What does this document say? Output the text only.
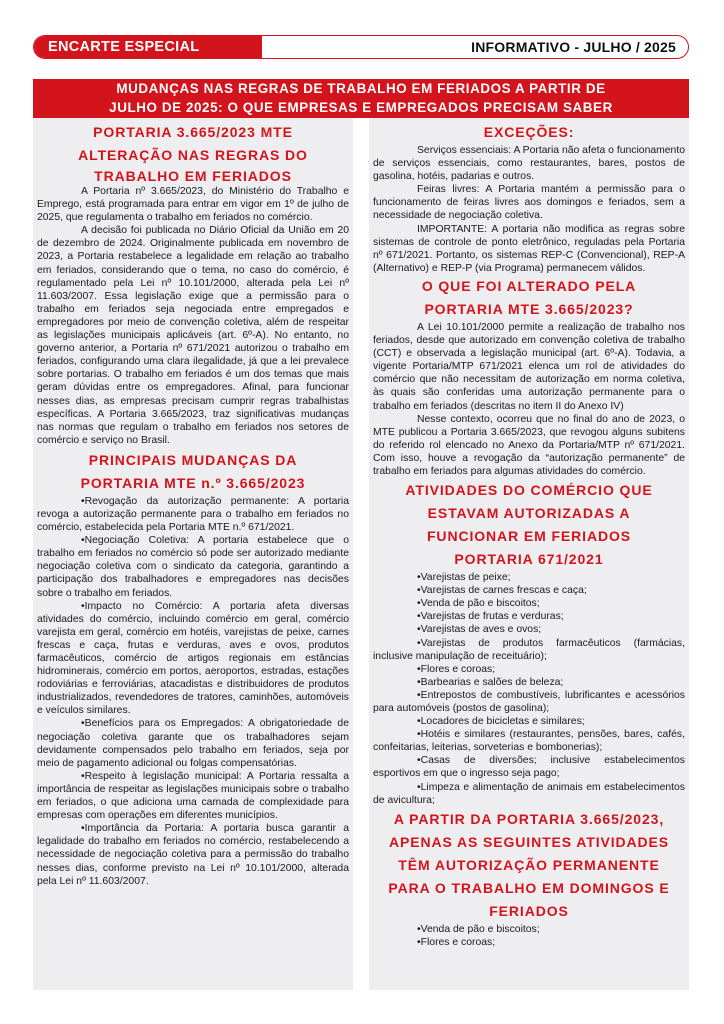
ENCARTE ESPECIAL	INFORMATIVO - JULHO / 2025
MUDANÇAS NAS REGRAS DE TRABALHO EM FERIADOS A PARTIR DE
JULHO DE 2025: O QUE EMPRESAS E EMPREGADOS PRECISAM SABER
PORTARIA 3.665/2023 MTE
ALTERAÇÃO NAS REGRAS DO
TRABALHO EM FERIADOS

A Portaria nº 3.665/2023, do Ministério do Trabalho e Emprego, está programada para entrar em vigor em 1º de julho de 2025, que regulamenta o trabalho em feriados no comércio.

A decisão foi publicada no Diário Oficial da União em 20 de dezembro de 2024. Originalmente publicada em novembro de 2023, a Portaria restabelece a legalidade em relação ao trabalho em feriados, considerando que o tema, no caso do comércio, é regulamentado pela Lei nº 10.101/2000, alterada pela Lei nº 11.603/2007. Essa legislação exige que a permissão para o trabalho em feriados seja negociada entre empregados e empregadores por meio de convenção coletiva, além de respeitar as legislações municipais aplicáveis (art. 6º-A). No entanto, no governo anterior, a Portaria nº 671/2021 autorizou o trabalho em feriados, configurando uma clara ilegalidade, já que a lei prevalece sobre portarias. O trabalho em feriados é um dos temas que mais geram dúvidas entre os empregadores. Afinal, para funcionar nesses dias, as empresas precisam cumprir regras trabalhistas específicas. A Portaria 3.665/2023, traz significativas mudanças nas normas que regulam o trabalho em feriados nos setores de comércio e serviço no Brasil.

PRINCIPAIS MUDANÇAS DA
PORTARIA MTE n.º 3.665/2023

•Revogação da autorização permanente: A portaria revoga a autorização permanente para o trabalho em feriados no comércio, estabelecida pela Portaria MTE n.º 671/2021.

•Negociação Coletiva: A portaria estabelece que o trabalho em feriados no comércio só pode ser autorizado mediante negociação coletiva com o sindicato da categoria, garantindo a participação dos trabalhadores e empregadores nas decisões sobre o trabalho em feriados.

•Impacto no Comércio: A portaria afeta diversas atividades do comércio, incluindo comércio em geral, comércio varejista em geral, comércio em hotéis, varejistas de peixe, carnes frescas e caça, frutas e verduras, aves e ovos, produtos farmacêuticos, comércio de artigos regionais em estâncias hidrominerais, comércio em portos, aeroportos, estradas, estações rodoviárias e ferroviárias, atacadistas e distribuidores de produtos industrializados, revendedores de tratores, caminhões, automóveis e veículos similares.

•Benefícios para os Empregados: A obrigatoriedade de negociação coletiva garante que os trabalhadores sejam devidamente compensados pelo trabalho em feriados, seja por meio de pagamento adicional ou folgas compensatórias.

•Respeito à legislação municipal: A Portaria ressalta a importância de respeitar as legislações municipais sobre o trabalho em feriados, o que adiciona uma camada de complexidade para empresas com operações em diferentes municípios.

•Importância da Portaria: A portaria busca garantir a legalidade do trabalho em feriados no comércio, restabelecendo a necessidade de negociação coletiva para a permissão do trabalho nesses dias, conforme previsto na Lei nº 10.101/2000, alterada pela Lei nº 11.603/2007.

EXCEÇÕES:

Serviços essenciais: A Portaria não afeta o funcionamento de serviços essenciais, como restaurantes, bares, postos de gasolina, hotéis, padarias e outros.

Feiras livres: A Portaria mantém a permissão para o funcionamento de feiras livres aos domingos e feriados, sem a necessidade de negociação coletiva.

IMPORTANTE: A portaria não modifica as regras sobre sistemas de controle de ponto eletrônico, reguladas pela Portaria nº 671/2021. Portanto, os sistemas REP-C (Convencional), REP-A (Alternativo) e REP-P (via Programa) permanecem válidos.

O QUE FOI ALTERADO PELA
PORTARIA MTE 3.665/2023?

A Lei 10.101/2000 permite a realização de trabalho nos feriados, desde que autorizado em convenção coletiva de trabalho (CCT) e observada a legislação municipal (art. 6º-A). Todavia, a vigente Portaria/MTP 671/2021 elenca um rol de atividades do comércio que não necessitam de autorização em norma coletiva, às quais são conferidas uma autorização permanente para o trabalho em feriados (descritas no item II do Anexo IV)

Nesse contexto, ocorreu que no final do ano de 2023, o MTE publicou a Portaria 3.665/2023, que revogou alguns subitens do referido rol elencado no Anexo da Portaria/MTP nº 671/2021. Com isso, houve a revogação da “autorização permanente” de trabalho em feriados para algumas atividades do comércio.

ATIVIDADES DO COMÉRCIO QUE
ESTAVAM AUTORIZADAS A
FUNCIONAR EM FERIADOS
PORTARIA 671/2021

•Varejistas de peixe;

•Varejistas de carnes frescas e caça;

•Venda de pão e biscoitos;

•Varejistas de frutas e verduras;

•Varejistas de aves e ovos;

•Varejistas de produtos farmacêuticos (farmácias, inclusive manipulação de receituário);

•Flores e coroas;

•Barbearias e salões de beleza;

•Entrepostos de combustíveis, lubrificantes e acessórios para automóveis (postos de gasolina);

•Locadores de bicicletas e similares;

•Hotéis e similares (restaurantes, pensões, bares, cafés, confeitarias, leiterias, sorveterias e bombonerias);

•Casas de diversões; inclusive estabelecimentos esportivos em que o ingresso seja pago;

•Limpeza e alimentação de animais em estabelecimentos de avicultura;

A PARTIR DA PORTARIA 3.665/2023,
APENAS AS SEGUINTES ATIVIDADES
TÊM AUTORIZAÇÃO PERMANENTE
PARA O TRABALHO EM DOMINGOS E
FERIADOS

•Venda de pão e biscoitos;

•Flores e coroas;
